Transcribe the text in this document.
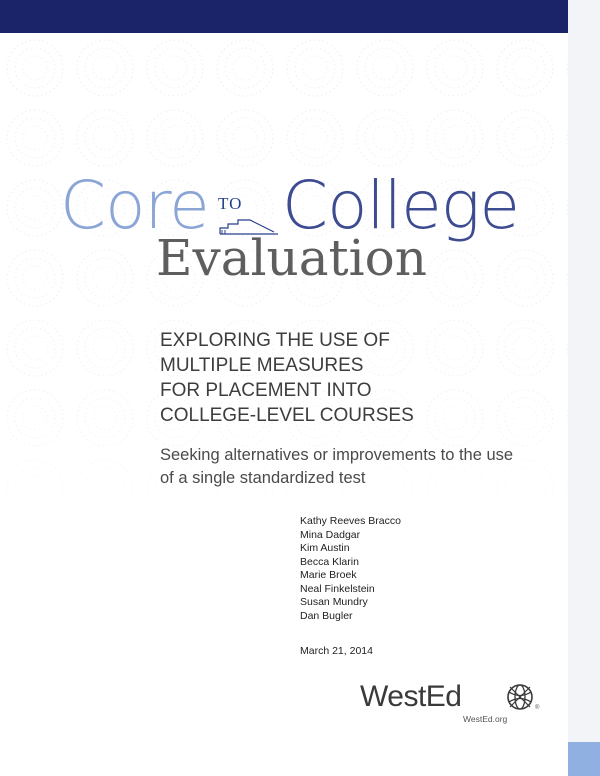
Core TO College
Evaluation
EXPLORING THE USE OF
MULTIPLE MEASURES
FOR PLACEMENT INTO
COLLEGE-LEVEL COURSES
Seeking alternatives or improvements to the use of a single standardized test
Kathy Reeves Bracco
Mina Dadgar
Kim Austin
Becca Klarin
Marie Broek
Neal Finkelstein
Susan Mundry
Dan Bugler
March 21, 2014
WestEd	®
WestEd.org
